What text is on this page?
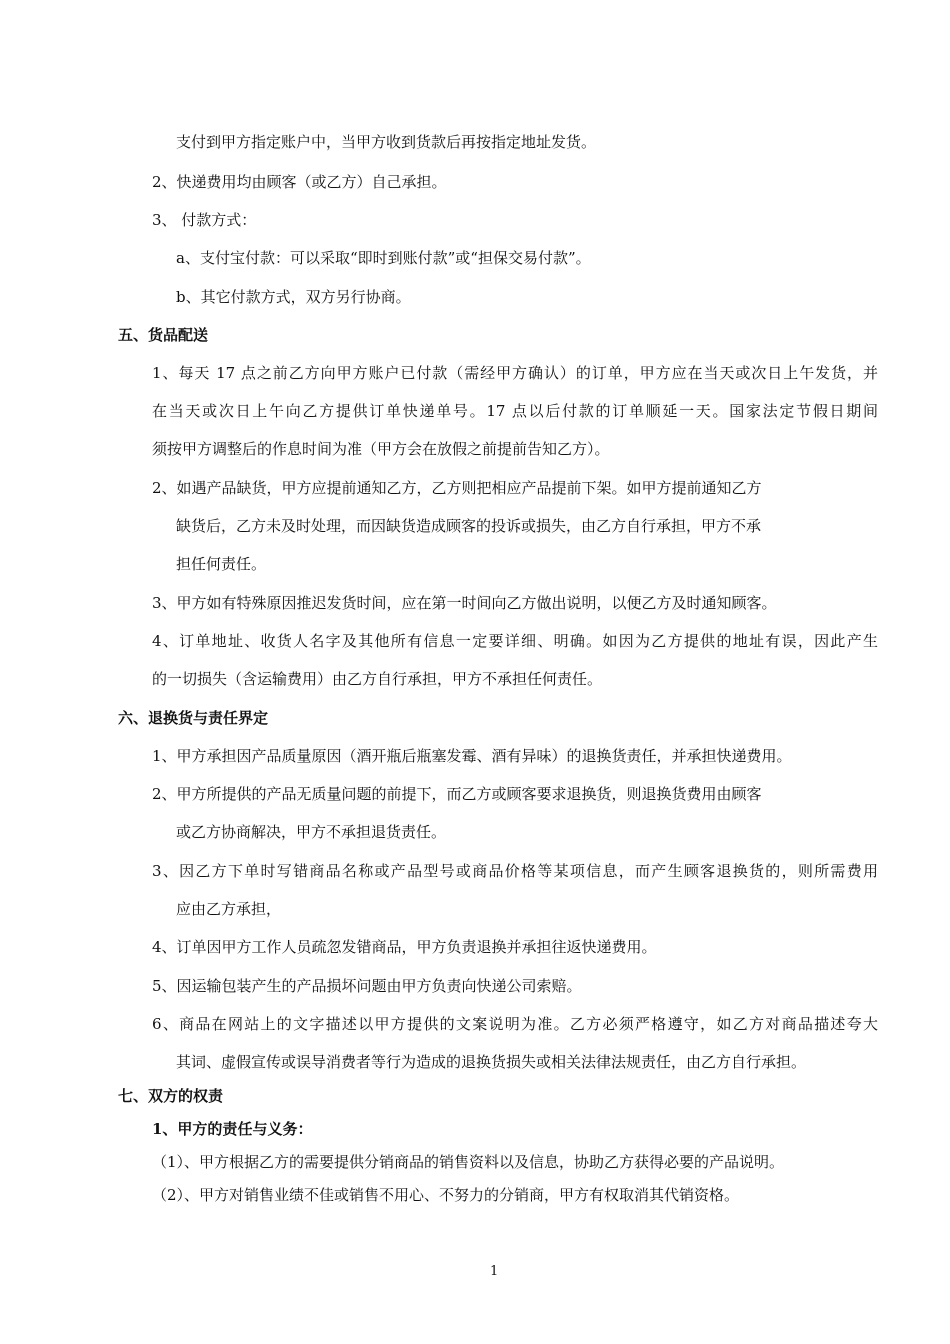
支付到甲方指定账户中，当甲方收到货款后再按指定地址发货。
2、快递费用均由顾客（或乙方）自己承担。
3、 付款方式：
a、支付宝付款：可以采取“即时到账付款”或“担保交易付款”。
b、其它付款方式，双方另行协商。
五、货品配送
1、每天 17 点之前乙方向甲方账户已付款（需经甲方确认）的订单，甲方应在当天或次日上午发货，并
在当天或次日上午向乙方提供订单快递单号。17 点以后付款的订单顺延一天。国家法定节假日期间
须按甲方调整后的作息时间为准（甲方会在放假之前提前告知乙方）。
2、如遇产品缺货，甲方应提前通知乙方，乙方则把相应产品提前下架。如甲方提前通知乙方
缺货后，乙方未及时处理，而因缺货造成顾客的投诉或损失，由乙方自行承担，甲方不承
担任何责任。
3、甲方如有特殊原因推迟发货时间，应在第一时间向乙方做出说明，以便乙方及时通知顾客。
4、订单地址、收货人名字及其他所有信息一定要详细、明确。如因为乙方提供的地址有误，因此产生
的一切损失（含运输费用）由乙方自行承担，甲方不承担任何责任。
六、退换货与责任界定
1、甲方承担因产品质量原因（酒开瓶后瓶塞发霉、酒有异味）的退换货责任，并承担快递费用。
2、甲方所提供的产品无质量问题的前提下，而乙方或顾客要求退换货，则退换货费用由顾客
或乙方协商解决，甲方不承担退货责任。
3、因乙方下单时写错商品名称或产品型号或商品价格等某项信息，而产生顾客退换货的，则所需费用
应由乙方承担，
4、订单因甲方工作人员疏忽发错商品，甲方负责退换并承担往返快递费用。
5、因运输包装产生的产品损坏问题由甲方负责向快递公司索赔。
6、商品在网站上的文字描述以甲方提供的文案说明为准。乙方必须严格遵守，如乙方对商品描述夸大
其词、虚假宣传或误导消费者等行为造成的退换货损失或相关法律法规责任，由乙方自行承担。
七、双方的权责
1、甲方的责任与义务：
（1）、甲方根据乙方的需要提供分销商品的销售资料以及信息，协助乙方获得必要的产品说明。
（2）、甲方对销售业绩不佳或销售不用心、不努力的分销商，甲方有权取消其代销资格。
1
